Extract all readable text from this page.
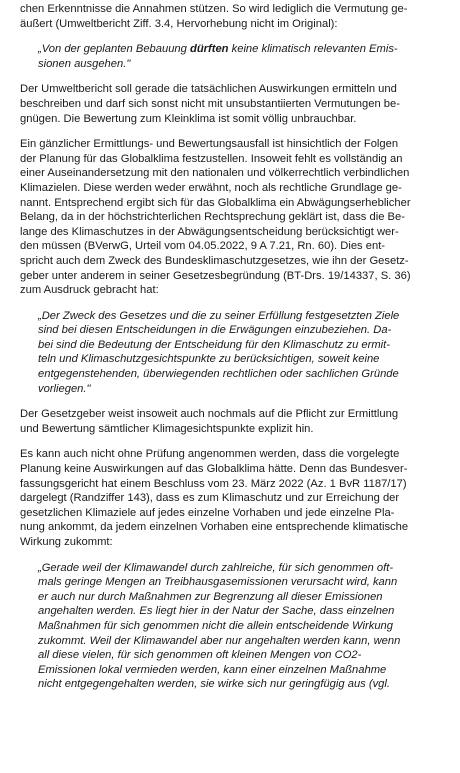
chen Erkenntnisse die Annahmen stützen. So wird lediglich die Vermutung ge-
äußert (Umweltbericht Ziff. 3.4, Hervorhebung nicht im Original):

„Von der geplanten Bebauung dürften keine klimatisch relevanten Emis-
sionen ausgehen."

Der Umweltbericht soll gerade die tatsächlichen Auswirkungen ermitteln und
beschreiben und darf sich sonst nicht mit unsubstantiierten Vermutungen be-
gnügen. Die Bewertung zum Kleinklima ist somit völlig unbrauchbar.

Ein gänzlicher Ermittlungs- und Bewertungsausfall ist hinsichtlich der Folgen
der Planung für das Globalklima festzustellen. Insoweit fehlt es vollständig an
einer Auseinandersetzung mit den nationalen und völkerrechtlich verbindlichen
Klimazielen. Diese werden weder erwähnt, noch als rechtliche Grundlage ge-
nannt. Entsprechend ergibt sich für das Globalklima ein Abwägungserheblicher
Belang, da in der höchstrichterlichen Rechtsprechung geklärt ist, dass die Be-
lange des Klimaschutzes in der Abwägungsentscheidung berücksichtigt wer-
den müssen (BVerwG, Urteil vom 04.05.2022, 9 A 7.21, Rn. 60). Dies ent-
spricht auch dem Zweck des Bundesklimaschutzgesetzes, wie ihn der Gesetz-
geber unter anderem in seiner Gesetzesbegründung (BT-Drs. 19/14337, S. 36)
zum Ausdruck gebracht hat:

„Der Zweck des Gesetzes und die zu seiner Erfüllung festgesetzten Ziele
sind bei diesen Entscheidungen in die Erwägungen einzubeziehen. Da-
bei sind die Bedeutung der Entscheidung für den Klimaschutz zu ermit-
teln und Klimaschutzgesichtspunkte zu berücksichtigen, soweit keine
entgegenstehenden, überwiegenden rechtlichen oder sachlichen Gründe
vorliegen."

Der Gesetzgeber weist insoweit auch nochmals auf die Pflicht zur Ermittlung
und Bewertung sämtlicher Klimagesichtspunkte explizit hin.

Es kann auch nicht ohne Prüfung angenommen werden, dass die vorgelegte
Planung keine Auswirkungen auf das Globalklima hätte. Denn das Bundesver-
fassungsgericht hat einem Beschluss vom 23. März 2022 (Az. 1 BvR 1187/17)
dargelegt (Randziffer 143), dass es zum Klimaschutz und zur Erreichung der
gesetzlichen Klimaziele auf jedes einzelne Vorhaben und jede einzelne Pla-
nung ankommt, da jedem einzelnen Vorhaben eine entsprechende klimatische
Wirkung zukommt:

„Gerade weil der Klimawandel durch zahlreiche, für sich genommen oft-
mals geringe Mengen an Treibhausgasemissionen verursacht wird, kann
er auch nur durch Maßnahmen zur Begrenzung all dieser Emissionen
angehalten werden. Es liegt hier in der Natur der Sache, dass einzelnen
Maßnahmen für sich genommen nicht die allein entscheidende Wirkung
zukommt. Weil der Klimawandel aber nur angehalten werden kann, wenn
all diese vielen, für sich genommen oft kleinen Mengen von CO2-
Emissionen lokal vermieden werden, kann einer einzelnen Maßnahme
nicht entgegengehalten werden, sie wirke sich nur geringfügig aus (vgl.
